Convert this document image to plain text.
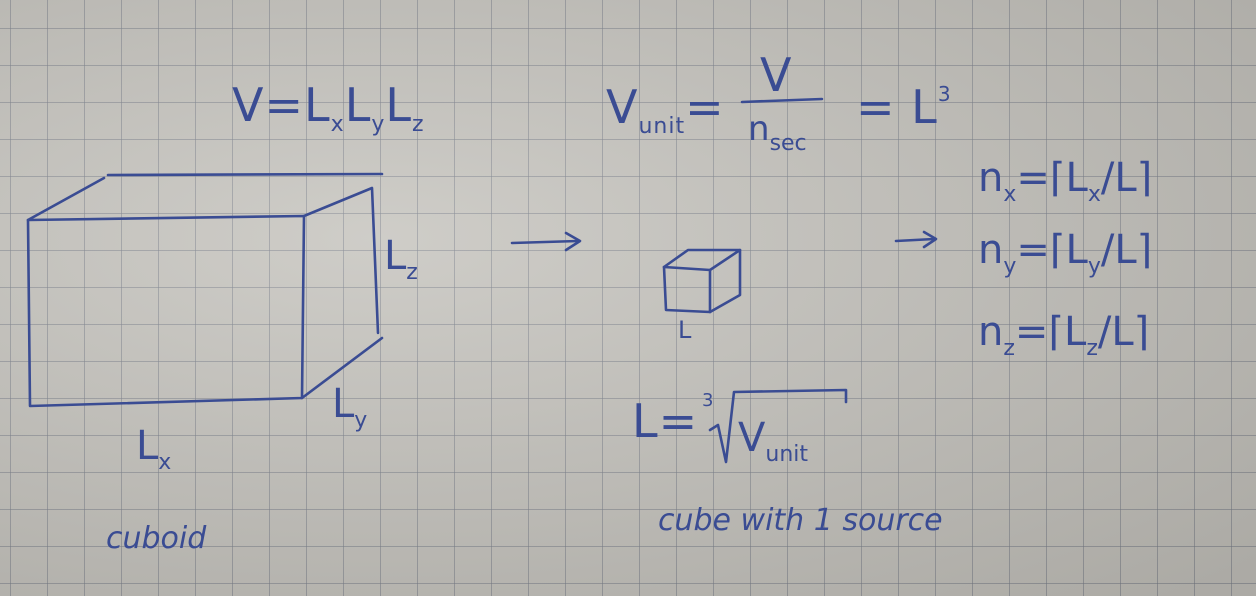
$V=L_xL_yL_z$	$V_{unit}=$
V
$n_{sec}$
= $L^3$
$n_x=⌈L_x/L⌉$
$n_y=⌈L_y/L⌉$
$n_z=⌈L_z/L⌉$
$L_z$
$L_y$
$L_x$
cuboid
L
L= 3
$V_{unit}$
cube with 1 source
